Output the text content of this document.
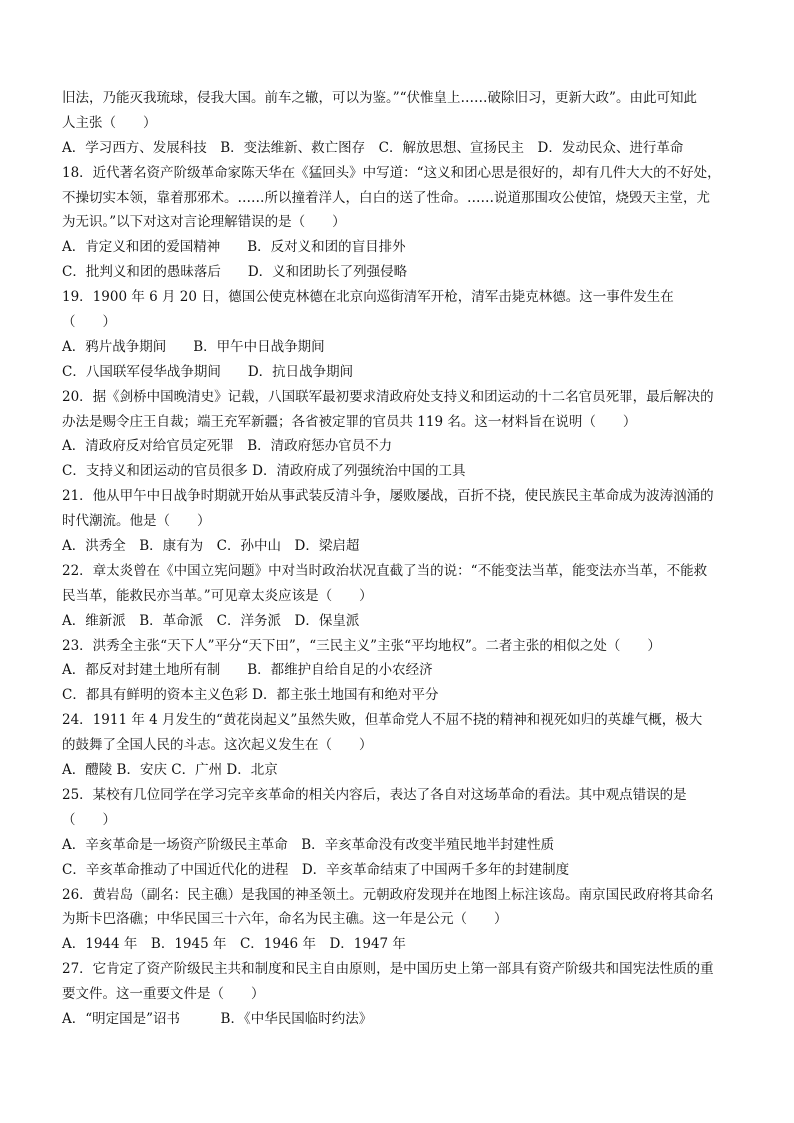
旧法，乃能灭我琉球，侵我大国。前车之辙，可以为鉴。”“伏惟皇上……破除旧习，更新大政”。由此可知此
人主张（　　）
A．学习西方、发展科技　B．变法维新、救亡图存　C．解放思想、宣扬民主　D．发动民众、进行革命
18．近代著名资产阶级革命家陈天华在《猛回头》中写道：“这义和团心思是很好的，却有几件大大的不好处，
不操切实本领，靠着那邪术。……所以撞着洋人，白白的送了性命。……说道那围攻公使馆，烧毁天主堂，尤
为无识。”以下对这对言论理解错误的是（　　）
A．肯定义和团的爱国精神　　B．反对义和团的盲目排外
C．批判义和团的愚昧落后　　D．义和团助长了列强侵略
19．1900 年 6 月 20 日，德国公使克林德在北京向巡街清军开枪，清军击毙克林德。这一事件发生在
（　　）
A．鸦片战争期间　　B．甲午中日战争期间
C．八国联军侵华战争期间　　D．抗日战争期间
20．据《剑桥中国晚清史》记载，八国联军最初要求清政府处支持义和团运动的十二名官员死罪，最后解决的
办法是赐令庄王自裁；端王充军新疆；各省被定罪的官员共 119 名。这一材料旨在说明（　　）
A．清政府反对给官员定死罪　B．清政府惩办官员不力
C．支持义和团运动的官员很多 D．清政府成了列强统治中国的工具
21．他从甲午中日战争时期就开始从事武装反清斗争，屡败屡战，百折不挠，使民族民主革命成为波涛汹涌的
时代潮流。他是（　　）
A．洪秀全　B．康有为　C．孙中山　D．梁启超
22．章太炎曾在《中国立宪问题》中对当时政治状况直截了当的说：“不能变法当革，能变法亦当革，不能救
民当革，能救民亦当革。”可见章太炎应该是（　　）
A．维新派　B．革命派　C．洋务派　D．保皇派
23．洪秀全主张“天下人”平分“天下田”，“三民主义”主张“平均地权”。二者主张的相似之处（　　）
A．都反对封建土地所有制　　B．都维护自给自足的小农经济
C．都具有鲜明的资本主义色彩 D．都主张土地国有和绝对平分
24．1911 年 4 月发生的“黄花岗起义”虽然失败，但革命党人不屈不挠的精神和视死如归的英雄气概，极大
的鼓舞了全国人民的斗志。这次起义发生在（　　）
A．醴陵 B．安庆 C．广州 D．北京
25．某校有几位同学在学习完辛亥革命的相关内容后，表达了各自对这场革命的看法。其中观点错误的是
（　　）
A．辛亥革命是一场资产阶级民主革命　B．辛亥革命没有改变半殖民地半封建性质
C．辛亥革命推动了中国近代化的进程　D．辛亥革命结束了中国两千多年的封建制度
26．黄岩岛（副名：民主礁）是我国的神圣领土。元朝政府发现并在地图上标注该岛。南京国民政府将其命名
为斯卡巴洛礁；中华民国三十六年，命名为民主礁。这一年是公元（　　）
A．1944 年　B．1945 年　C．1946 年　D．1947 年
27．它肯定了资产阶级民主共和制度和民主自由原则，是中国历史上第一部具有资产阶级共和国宪法性质的重
要文件。这一重要文件是（　　）
A．“明定国是”诏书　　　B．《中华民国临时约法》
